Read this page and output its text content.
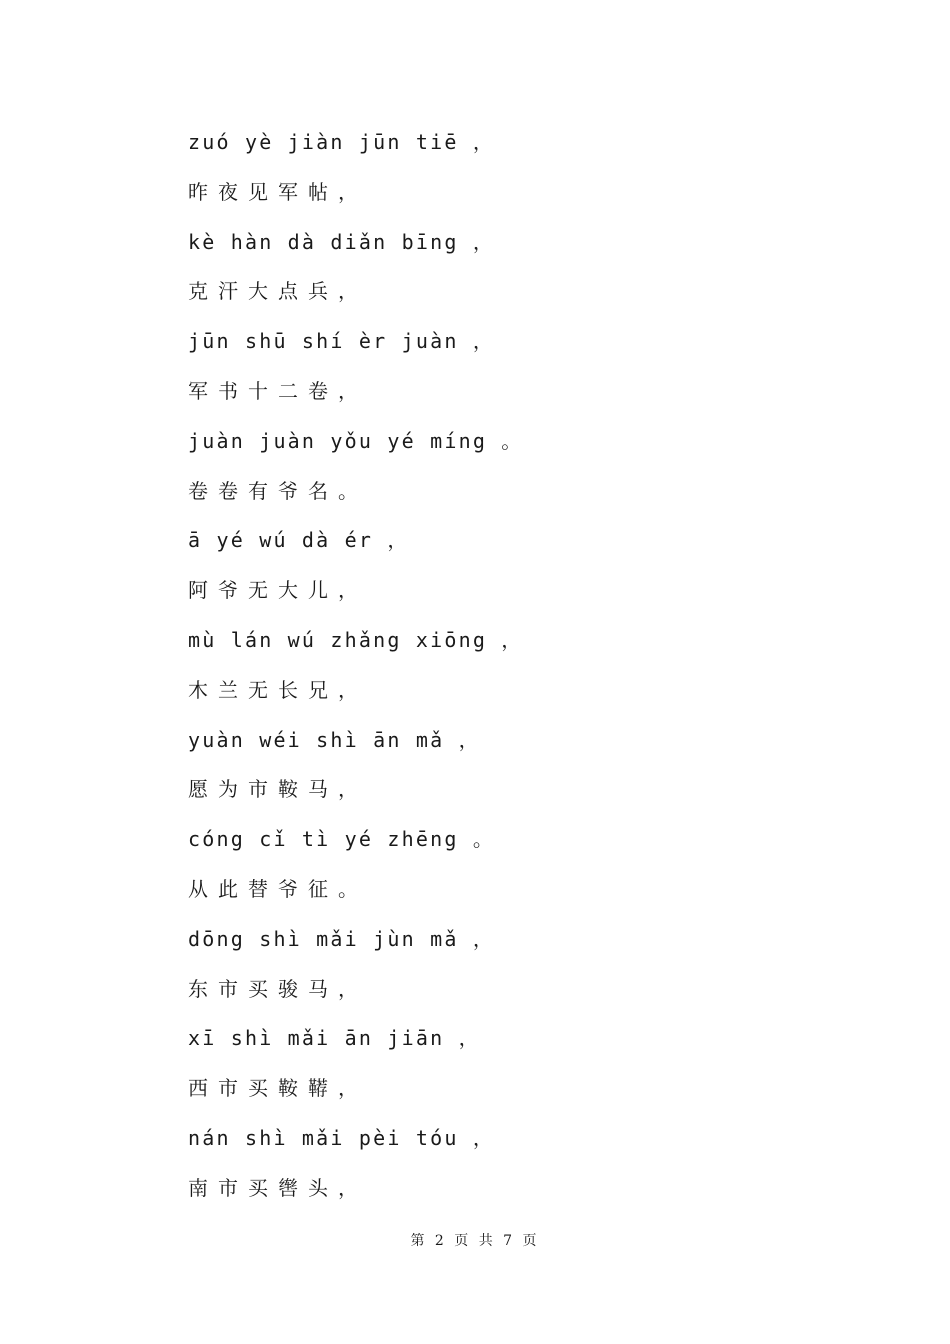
zuó yè jiàn jūn tiē ，
昨夜见军帖，
kè hàn dà diǎn bīng ，
克汗大点兵，
jūn shū shí èr juàn ，
军书十二卷，
juàn juàn yǒu yé míng 。
卷卷有爷名。
ā yé wú dà ér ，
阿爷无大儿，
mù lán wú zhǎng xiōng ，
木兰无长兄，
yuàn wéi shì ān mǎ ，
愿为市鞍马，
cóng cǐ tì yé zhēng 。
从此替爷征。
dōng shì mǎi jùn mǎ ，
东市买骏马，
xī shì mǎi ān jiān ，
西市买鞍鞯，
nán shì mǎi pèi tóu ，
南市买辔头，
第 2 页 共 7 页
